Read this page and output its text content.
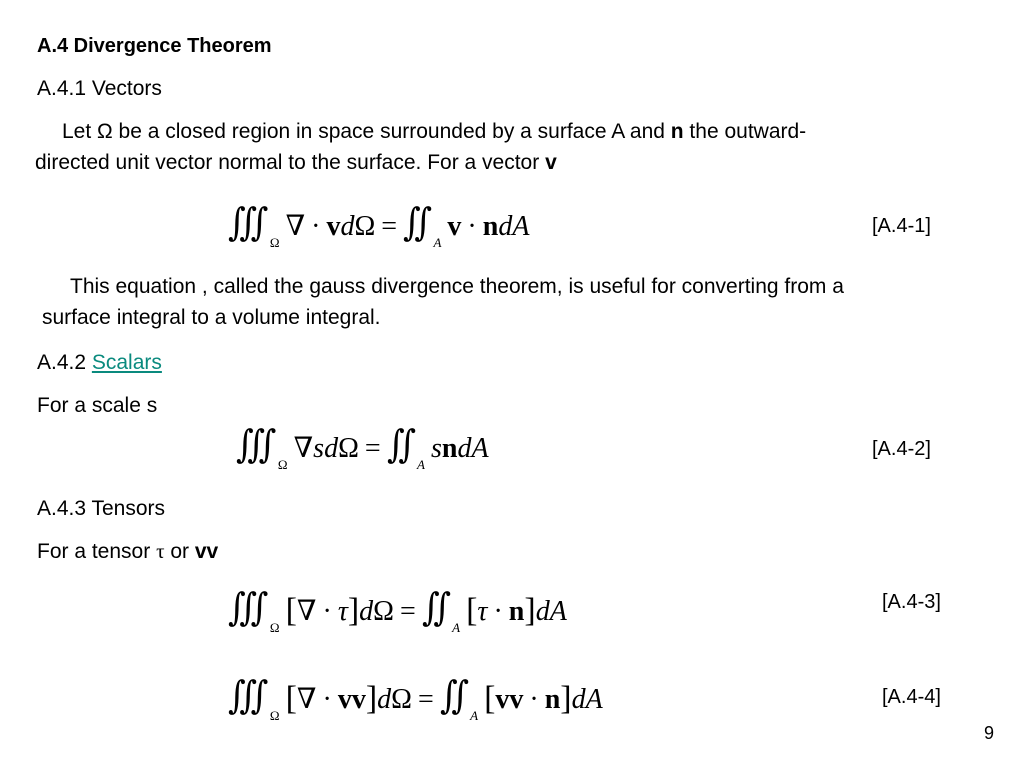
A.4 Divergence Theorem
A.4.1 Vectors
Let Ω be a closed region in space surrounded by a surface A and n the outward-
directed unit vector normal to the surface. For a vector v
∭ $_\Omega$∇ · vdΩ = ∬ $_A$v · ndA	[A.4-1]
This equation , called the gauss divergence theorem, is useful for converting from a
surface integral to a volume integral.
A.4.2 Scalars
For a scale s
∭ $_\Omega$∇sdΩ = ∬ $_A$sndA	[A.4-2]
A.4.3 Tensors
For a tensor τ or vv
∭ $_\Omega$ [∇ · τ]dΩ = ∬ $_A$ [τ · n]dA	[A.4-3]
∭ $_\Omega$ [∇ · vv]dΩ = ∬ $_A$ [vv · n]dA	[A.4-4]
9
